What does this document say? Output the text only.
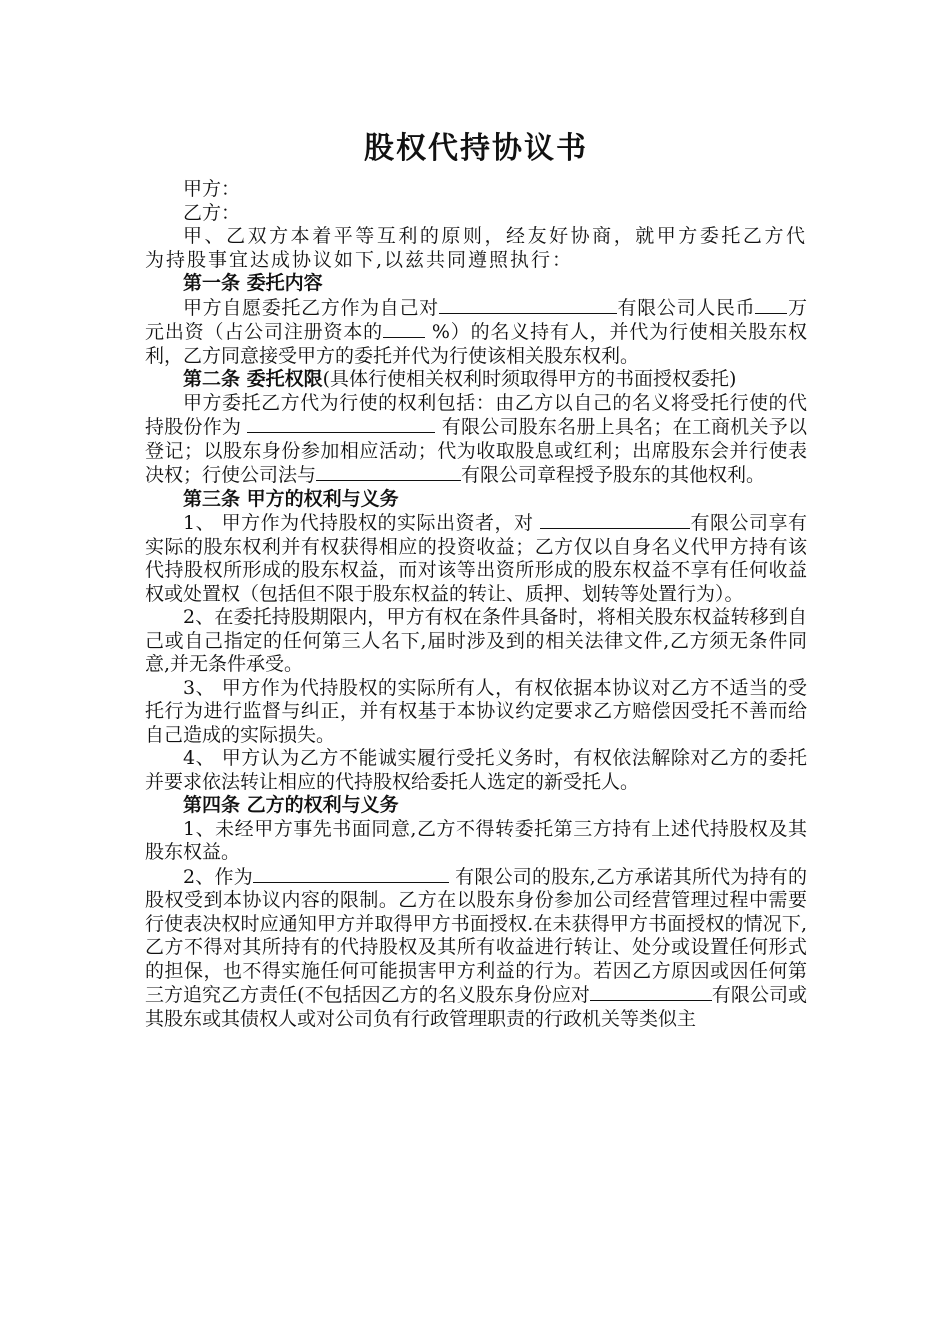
股权代持协议书

甲方：

乙方：

甲、乙双方本着平等互利的原则，经友好协商，就甲方委托乙方代为持股事宜达成协议如下,以兹共同遵照执行：

第一条 委托内容

甲方自愿委托乙方作为自己对	有限公司人民币 万元出资（占公司注册资本的 %）的名义持有人，并代为行使相关股东权利，乙方同意接受甲方的委托并代为行使该相关股东权利。

第二条 委托权限(具体行使相关权利时须取得甲方的书面授权委托)

甲方委托乙方代为行使的权利包括：由乙方以自己的名义将受托行使的代持股份作为	有限公司股东名册上具名；在工商机关予以登记；以股东身份参加相应活动；代为收取股息或红利；出席股东会并行使表决权；行使公司法与	有限公司章程授予股东的其他权利。

第三条 甲方的权利与义务

1、 甲方作为代持股权的实际出资者，对	有限公司享有实际的股东权利并有权获得相应的投资收益；乙方仅以自身名义代甲方持有该代持股权所形成的股东权益，而对该等出资所形成的股东权益不享有任何收益权或处置权（包括但不限于股东权益的转让、质押、划转等处置行为）。

2、在委托持股期限内，甲方有权在条件具备时，将相关股东权益转移到自己或自己指定的任何第三人名下,届时涉及到的相关法律文件,乙方须无条件同意,并无条件承受。

3、 甲方作为代持股权的实际所有人，有权依据本协议对乙方不适当的受托行为进行监督与纠正，并有权基于本协议约定要求乙方赔偿因受托不善而给自己造成的实际损失。

4、 甲方认为乙方不能诚实履行受托义务时，有权依法解除对乙方的委托并要求依法转让相应的代持股权给委托人选定的新受托人。

第四条 乙方的权利与义务

1、未经甲方事先书面同意,乙方不得转委托第三方持有上述代持股权及其股东权益。

2、作为	有限公司的股东,乙方承诺其所代为持有的股权受到本协议内容的限制。乙方在以股东身份参加公司经营管理过程中需要行使表决权时应通知甲方并取得甲方书面授权.在未获得甲方书面授权的情况下,乙方不得对其所持有的代持股权及其所有收益进行转让、处分或设置任何形式的担保，也不得实施任何可能损害甲方利益的行为。若因乙方原因或因任何第三方追究乙方责任(不包括因乙方的名义股东身份应对	有限公司或其股东或其债权人或对公司负有行政管理职责的行政机关等类似主
